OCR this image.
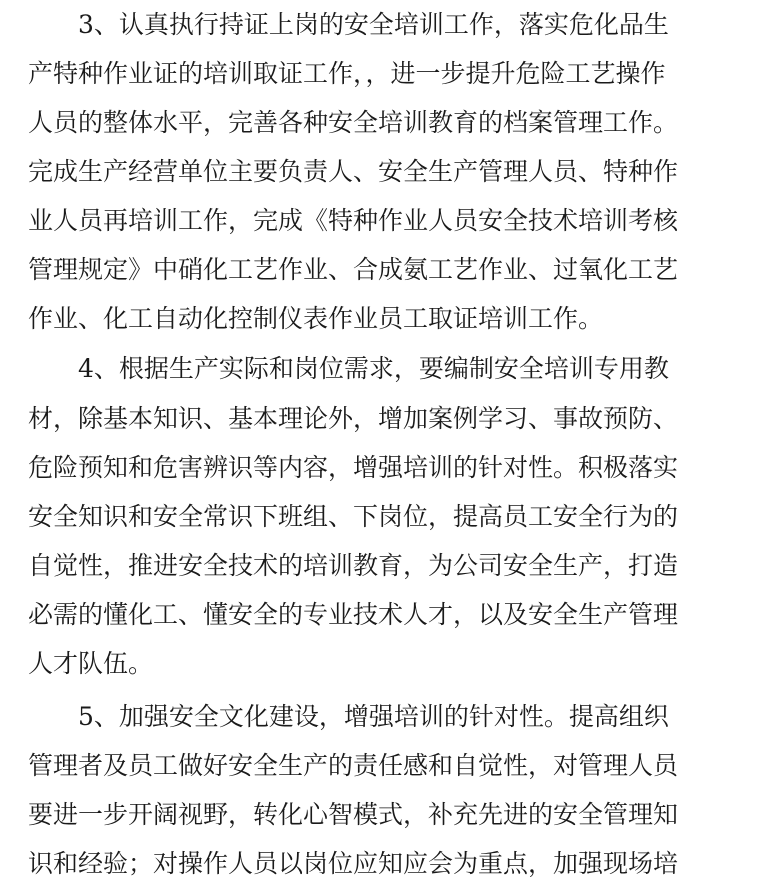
3、认真执行持证上岗的安全培训工作，落实危化品生
产特种作业证的培训取证工作，，进一步提升危险工艺操作
人员的整体水平，完善各种安全培训教育的档案管理工作。
完成生产经营单位主要负责人、安全生产管理人员、特种作
业人员再培训工作，完成《特种作业人员安全技术培训考核
管理规定》中硝化工艺作业、合成氨工艺作业、过氧化工艺
作业、化工自动化控制仪表作业员工取证培训工作。
4、根据生产实际和岗位需求，要编制安全培训专用教
材，除基本知识、基本理论外，增加案例学习、事故预防、
危险预知和危害辨识等内容，增强培训的针对性。积极落实
安全知识和安全常识下班组、下岗位，提高员工安全行为的
自觉性，推进安全技术的培训教育，为公司安全生产，打造
必需的懂化工、懂安全的专业技术人才，以及安全生产管理
人才队伍。
5、加强安全文化建设，增强培训的针对性。提高组织
管理者及员工做好安全生产的责任感和自觉性，对管理人员
要进一步开阔视野，转化心智模式，补充先进的安全管理知
识和经验；对操作人员以岗位应知应会为重点，加强现场培
